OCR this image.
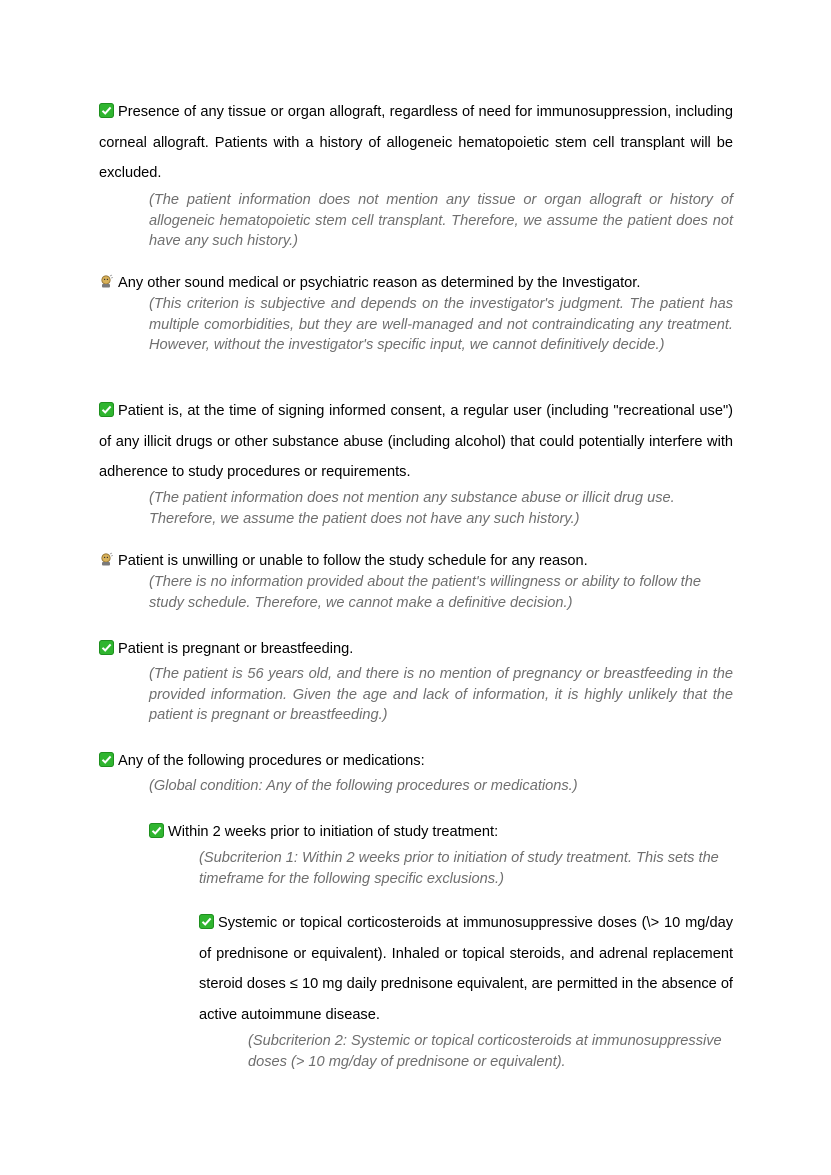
Presence of any tissue or organ allograft, regardless of need for immunosuppression, including corneal allograft. Patients with a history of allogeneic hematopoietic stem cell transplant will be excluded.

(The patient information does not mention any tissue or organ allograft or history of allogeneic hematopoietic stem cell transplant. Therefore, we assume the patient does not have any such history.)

Any other sound medical or psychiatric reason as determined by the Investigator.

(This criterion is subjective and depends on the investigator's judgment. The patient has multiple comorbidities, but they are well-managed and not contraindicating any treatment. However, without the investigator's specific input, we cannot definitively decide.)

Patient is, at the time of signing informed consent, a regular user (including "recreational use") of any illicit drugs or other substance abuse (including alcohol) that could potentially interfere with adherence to study procedures or requirements.

(The patient information does not mention any substance abuse or illicit drug use. Therefore, we assume the patient does not have any such history.)

Patient is unwilling or unable to follow the study schedule for any reason.

(There is no information provided about the patient's willingness or ability to follow the study schedule. Therefore, we cannot make a definitive decision.)

Patient is pregnant or breastfeeding.

(The patient is 56 years old, and there is no mention of pregnancy or breastfeeding in the provided information. Given the age and lack of information, it is highly unlikely that the patient is pregnant or breastfeeding.)

Any of the following procedures or medications:

(Global condition: Any of the following procedures or medications.)

Within 2 weeks prior to initiation of study treatment:

(Subcriterion 1: Within 2 weeks prior to initiation of study treatment. This sets the timeframe for the following specific exclusions.)

Systemic or topical corticosteroids at immunosuppressive doses (\> 10 mg/day of prednisone or equivalent). Inhaled or topical steroids, and adrenal replacement steroid doses ≤ 10 mg daily prednisone equivalent, are permitted in the absence of active autoimmune disease.

(Subcriterion 2: Systemic or topical corticosteroids at immunosuppressive doses (> 10 mg/day of prednisone or equivalent).
